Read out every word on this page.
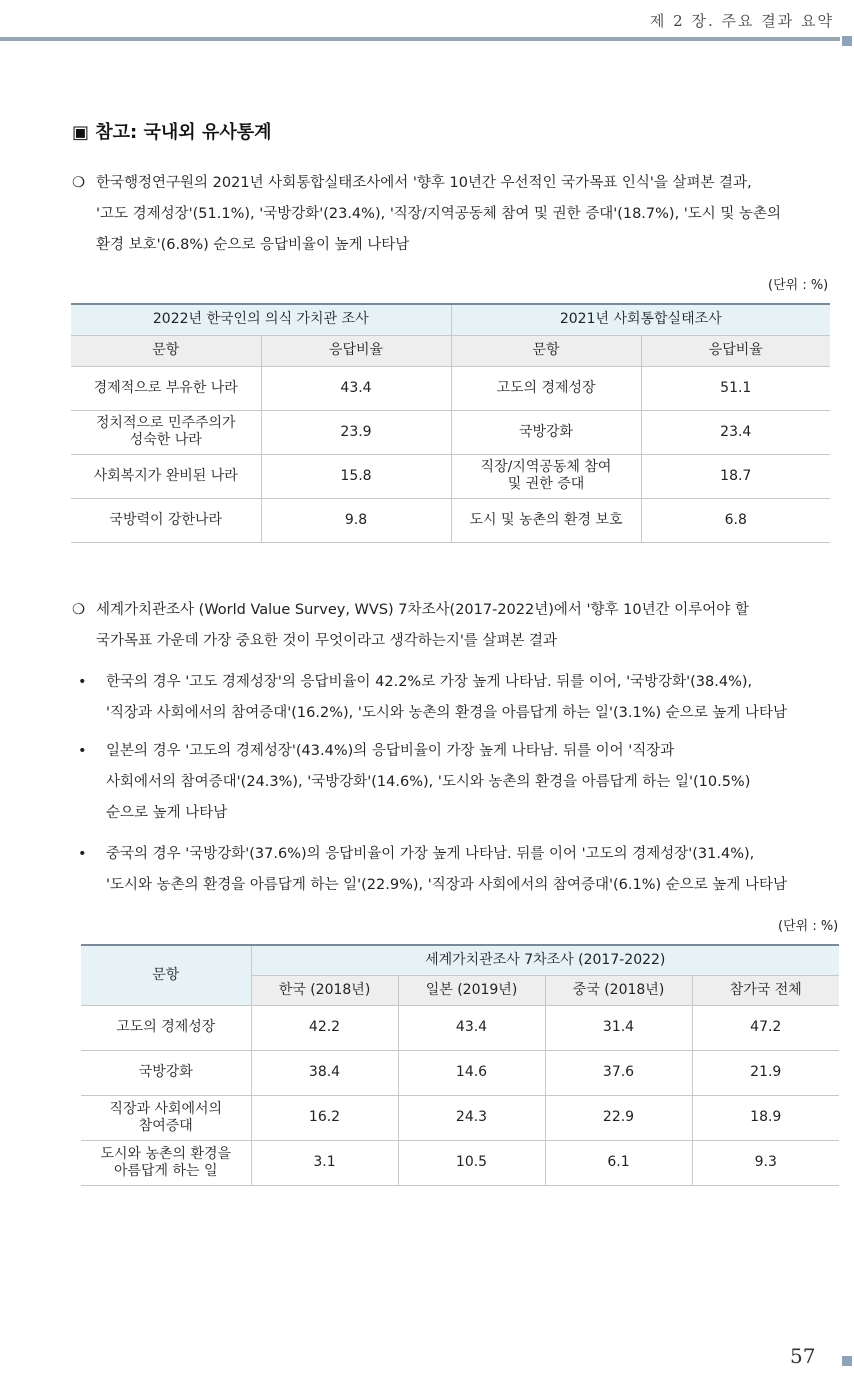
제 2 장. 주요 결과 요약
▣ 참고: 국내외 유사통계
❍ 한국행정연구원의 2021년 사회통합실태조사에서 '향후 10년간 우선적인 국가목표 인식'을 살펴본 결과,
'고도 경제성장'(51.1%), '국방강화'(23.4%), '직장/지역공동체 참여 및 권한 증대'(18.7%), '도시 및 농촌의
환경 보호'(6.8%) 순으로 응답비율이 높게 나타남
(단위 : %)
2022년 한국인의 의식 가치관 조사		2021년 사회통합실태조사	
문항	응답비율	문항	응답비율

경제적으로 부유한 나라	43.4	고도의 경제성장	51.1

정치적으로 민주주의가
성숙한 나라	23.9	국방강화	23.4

사회복지가 완비된 나라	15.8	직장/지역공동체 참여
및 권한 증대	18.7

국방력이 강한나라	9.8	도시 및 농촌의 환경 보호	6.8
❍ 세계가치관조사 (World Value Survey, WVS) 7차조사(2017-2022년)에서 '향후 10년간 이루어야 할
국가목표 가운데 가장 중요한 것이 무엇이라고 생각하는지'를 살펴본 결과
•	한국의 경우 '고도 경제성장'의 응답비율이 42.2%로 가장 높게 나타남. 뒤를 이어, '국방강화'(38.4%),
'직장과 사회에서의 참여증대'(16.2%), '도시와 농촌의 환경을 아름답게 하는 일'(3.1%) 순으로 높게 나타남
•	일본의 경우 '고도의 경제성장'(43.4%)의 응답비율이 가장 높게 나타남. 뒤를 이어 '직장과
사회에서의 참여증대'(24.3%), '국방강화'(14.6%), '도시와 농촌의 환경을 아름답게 하는 일'(10.5%)
순으로 높게 나타남
•	중국의 경우 '국방강화'(37.6%)의 응답비율이 가장 높게 나타남. 뒤를 이어 '고도의 경제성장'(31.4%),
'도시와 농촌의 환경을 아름답게 하는 일'(22.9%), '직장과 사회에서의 참여증대'(6.1%) 순으로 높게 나타남
(단위 : %)
문항	세계가치관조사 7차조사 (2017-2022)			
	한국 (2018년)	일본 (2019년)	중국 (2018년)	참가국 전체

고도의 경제성장	42.2	43.4	31.4	47.2

국방강화	38.4	14.6	37.6	21.9

직장과 사회에서의
참여증대	16.2	24.3	22.9	18.9

도시와 농촌의 환경을
아름답게 하는 일	3.1	10.5	6.1	9.3
57
